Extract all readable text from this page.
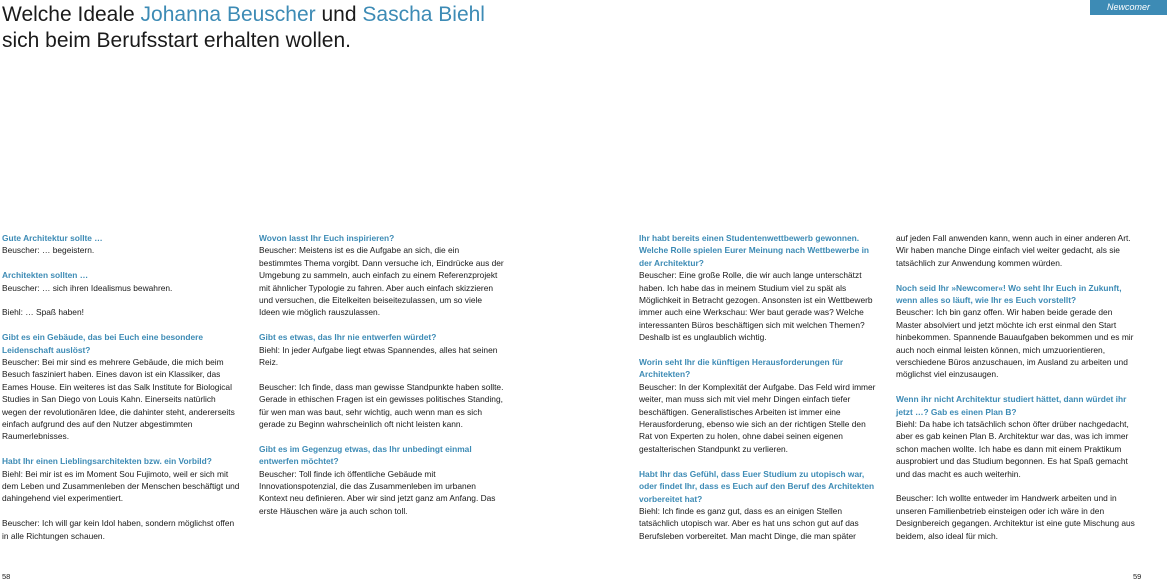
Welche Ideale Johanna Beuscher und Sascha Biehl
sich beim Berufsstart erhalten wollen.
Newcomer

Gute Architektur sollte …
Beuscher: … begeistern.

Architekten sollten …
Beuscher: … sich ihren Idealismus bewahren.

Biehl: … Spaß haben!

Gibt es ein Gebäude, das bei Euch eine besondere Leidenschaft auslöst?
Beuscher: Bei mir sind es mehrere Gebäude, die mich beim Besuch fasziniert haben. Eines davon ist ein Klassiker, das Eames House. Ein weiteres ist das Salk Institute for Biological Studies in San Diego von Louis Kahn. Einerseits natürlich wegen der revolutionären Idee, die dahinter steht, andererseits einfach aufgrund des auf den Nutzer abgestimmten Raumerlebnisses.

Habt Ihr einen Lieblingsarchitekten bzw. ein Vorbild?
Biehl: Bei mir ist es im Moment Sou Fujimoto, weil er sich mit dem Leben und Zusammenleben der Menschen beschäftigt und dahingehend viel experimentiert.

Beuscher: Ich will gar kein Idol haben, sondern möglichst offen in alle Richtungen schauen.

Wovon lasst Ihr Euch inspirieren?
Beuscher: Meistens ist es die Aufgabe an sich, die ein bestimmtes Thema vorgibt. Dann versuche ich, Eindrücke aus der Umgebung zu sammeln, auch einfach zu einem Referenzprojekt mit ähnlicher Typologie zu fahren. Aber auch einfach skizzieren und versuchen, die Eitelkeiten beiseitezulassen, um so viele Ideen wie möglich rauszulassen.

Gibt es etwas, das Ihr nie entwerfen würdet?
Biehl: In jeder Aufgabe liegt etwas Spannendes, alles hat seinen Reiz.

Beuscher: Ich finde, dass man gewisse Standpunkte haben sollte. Gerade in ethischen Fragen ist ein gewisses politisches Standing, für wen man was baut, sehr wichtig, auch wenn man es sich gerade zu Beginn wahrscheinlich oft nicht leisten kann.

Gibt es im Gegenzug etwas, das Ihr unbedingt einmal entwerfen möchtet?
Beuscher: Toll finde ich öffentliche Gebäude mit Innovationspotenzial, die das Zusammenleben im urbanen Kontext neu definieren. Aber wir sind jetzt ganz am Anfang. Das erste Häuschen wäre ja auch schon toll.

Ihr habt bereits einen Studentenwettbewerb gewonnen. Welche Rolle spielen Eurer Meinung nach Wettbewerbe in der Architektur?
Beuscher: Eine große Rolle, die wir auch lange unterschätzt haben. Ich habe das in meinem Studium viel zu spät als Möglichkeit in Betracht gezogen. Ansonsten ist ein Wettbewerb immer auch eine Werkschau: Wer baut gerade was? Welche interessanten Büros beschäftigen sich mit welchen Themen? Deshalb ist es unglaublich wichtig.

Worin seht Ihr die künftigen Herausforderungen für Architekten?
Beuscher: In der Komplexität der Aufgabe. Das Feld wird immer weiter, man muss sich mit viel mehr Dingen einfach tiefer beschäftigen. Generalistisches Arbeiten ist immer eine Herausforderung, ebenso wie sich an der richtigen Stelle den Rat von Experten zu holen, ohne dabei seinen eigenen gestalterischen Standpunkt zu verlieren.

Habt Ihr das Gefühl, dass Euer Studium zu utopisch war, oder findet Ihr, dass es Euch auf den Beruf des Architekten vorbereitet hat?
Biehl: Ich finde es ganz gut, dass es an einigen Stellen tatsächlich utopisch war. Aber es hat uns schon gut auf das Berufsleben vorbereitet. Man macht Dinge, die man später

auf jeden Fall anwenden kann, wenn auch in einer anderen Art. Wir haben manche Dinge einfach viel weiter gedacht, als sie tatsächlich zur Anwendung kommen würden.

Noch seid Ihr »Newcomer«! Wo seht Ihr Euch in Zukunft, wenn alles so läuft, wie Ihr es Euch vorstellt?
Beuscher: Ich bin ganz offen. Wir haben beide gerade den Master absolviert und jetzt möchte ich erst einmal den Start hinbekommen. Spannende Bauaufgaben bekommen und es mir auch noch einmal leisten können, mich umzuorientieren, verschiedene Büros anzuschauen, im Ausland zu arbeiten und möglichst viel einzusaugen.

Wenn ihr nicht Architektur studiert hättet, dann würdet ihr jetzt …? Gab es einen Plan B?
Biehl: Da habe ich tatsächlich schon öfter drüber nachgedacht, aber es gab keinen Plan B. Architektur war das, was ich immer schon machen wollte. Ich habe es dann mit einem Praktikum ausprobiert und das Studium begonnen. Es hat Spaß gemacht und das macht es auch weiterhin.

Beuscher: Ich wollte entweder im Handwerk arbeiten und in unseren Familienbetrieb einsteigen oder ich wäre in den Designbereich gegangen. Architektur ist eine gute Mischung aus beidem, also ideal für mich.

58	59
